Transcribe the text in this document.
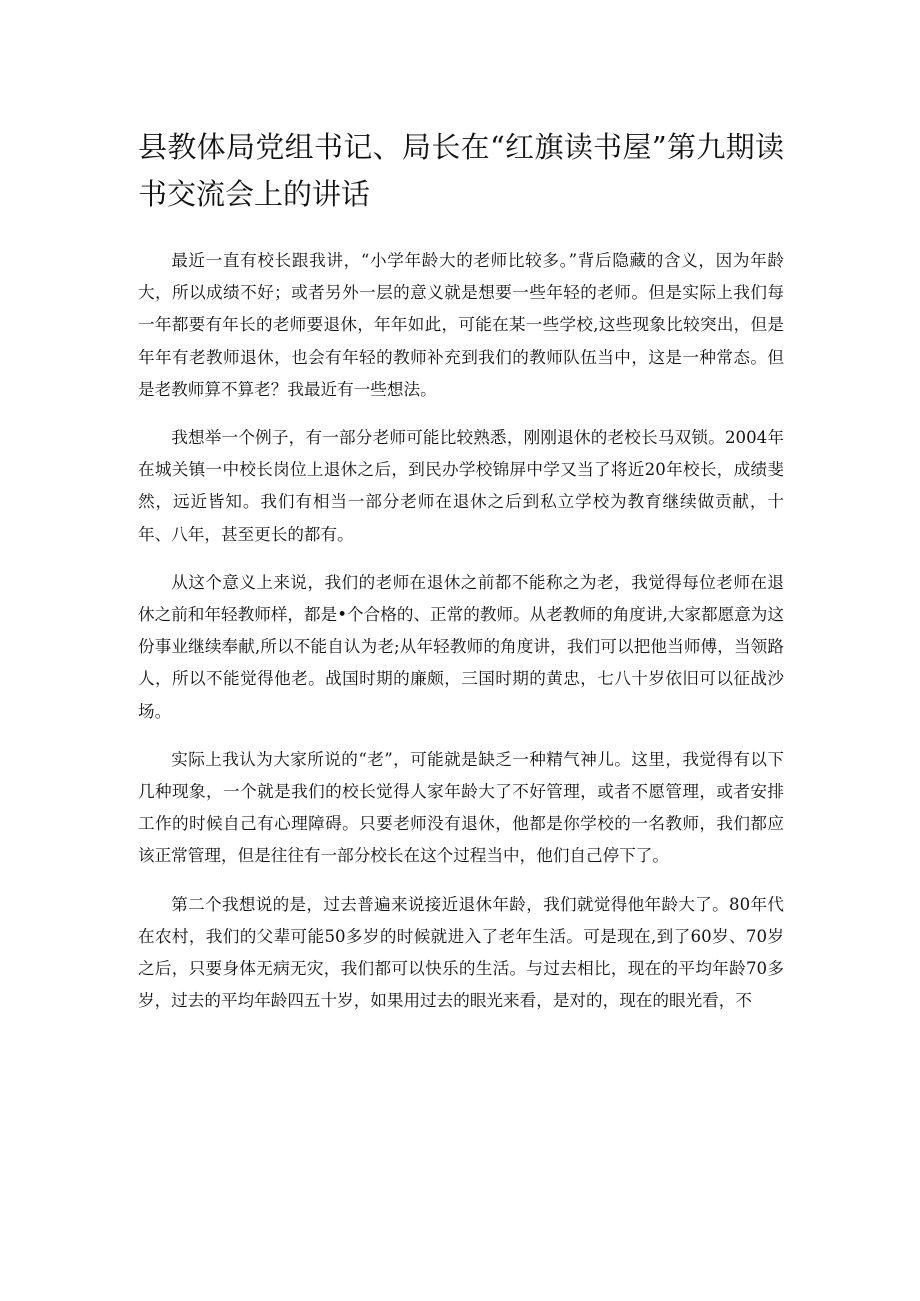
县教体局党组书记、局长在“红旗读书屋”第九期读书交流会上的讲话

最近一直有校长跟我讲，“小学年龄大的老师比较多。”背后隐藏的含义，因为年龄大，所以成绩不好；或者另外一层的意义就是想要一些年轻的老师。但是实际上我们每一年都要有年长的老师要退休，年年如此，可能在某一些学校,这些现象比较突出，但是年年有老教师退休，也会有年轻的教师补充到我们的教师队伍当中，这是一种常态。但是老教师算不算老？我最近有一些想法。

我想举一个例子，有一部分老师可能比较熟悉，刚刚退休的老校长马双锁。2004年在城关镇一中校长岗位上退休之后，到民办学校锦屏中学又当了将近20年校长，成绩斐然，远近皆知。我们有相当一部分老师在退休之后到私立学校为教育继续做贡献，十年、八年，甚至更长的都有。

从这个意义上来说，我们的老师在退休之前都不能称之为老，我觉得每位老师在退休之前和年轻教师样，都是•个合格的、正常的教师。从老教师的角度讲,大家都愿意为这份事业继续奉献,所以不能自认为老;从年轻教师的角度讲，我们可以把他当师傅，当领路人，所以不能觉得他老。战国时期的廉颇，三国时期的黄忠，七八十岁依旧可以征战沙场。

实际上我认为大家所说的“老”，可能就是缺乏一种精气神儿。这里，我觉得有以下几种现象，一个就是我们的校长觉得人家年龄大了不好管理，或者不愿管理，或者安排工作的时候自己有心理障碍。只要老师没有退休，他都是你学校的一名教师，我们都应该正常管理，但是往往有一部分校长在这个过程当中，他们自己停下了。

第二个我想说的是，过去普遍来说接近退休年龄，我们就觉得他年龄大了。80年代在农村，我们的父辈可能50多岁的时候就进入了老年生活。可是现在,到了60岁、70岁之后，只要身体无病无灾，我们都可以快乐的生活。与过去相比，现在的平均年龄70多岁，过去的平均年龄四五十岁，如果用过去的眼光来看，是对的，现在的眼光看，不
